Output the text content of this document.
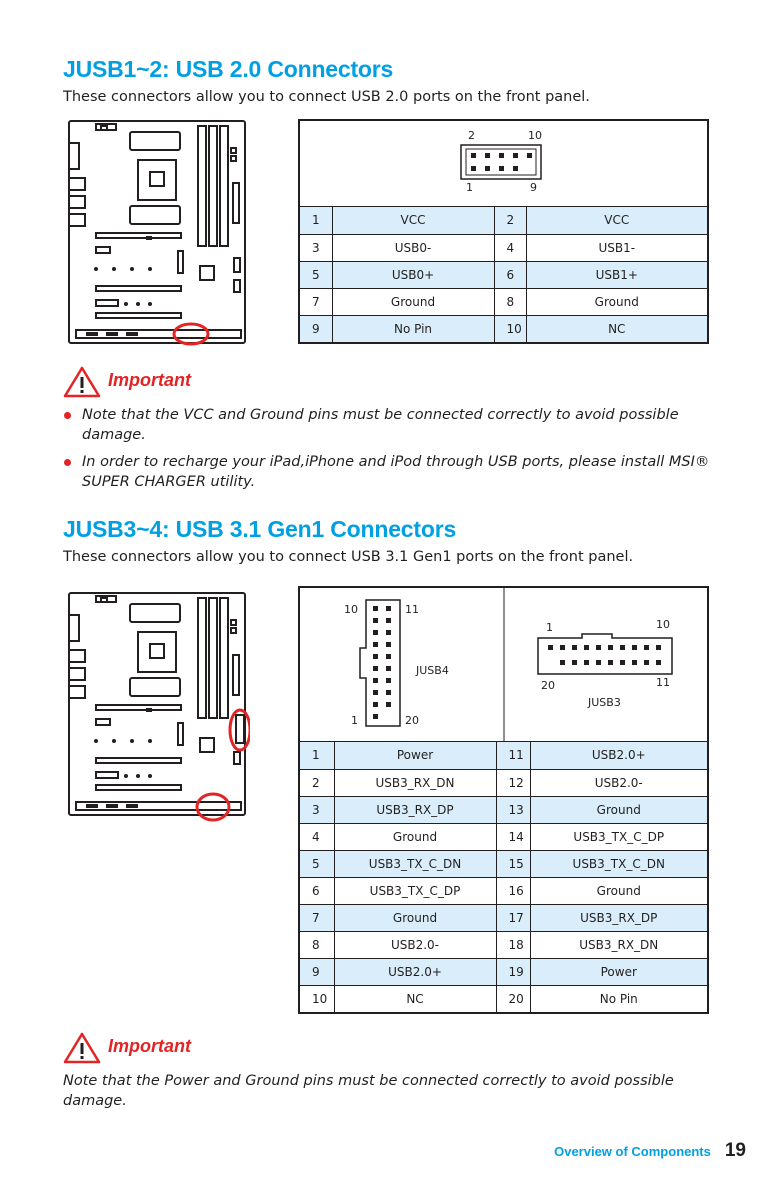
JUSB1~2: USB 2.0 Connectors
These connectors allow you to connect USB 2.0 ports on the front panel.
2	10
1	9
1	VCC	2	VCC
3	USB0-	4	USB1-
5	USB0+	6	USB1+
7	Ground	8	Ground
9	No Pin	10	NC
Important
Note that the VCC and Ground pins must be connected correctly to avoid possible damage.
In order to recharge your iPad,iPhone and iPod through USB ports, please install MSI® SUPER CHARGER utility.
JUSB3~4: USB 3.1 Gen1 Connectors
These connectors allow you to connect USB 3.1 Gen1 ports on the front panel.
10	11
1	20
JUSB4
1	10
20	11
JUSB3
1	Power	11	USB2.0+
2	USB3_RX_DN	12	USB2.0-
3	USB3_RX_DP	13	Ground
4	Ground	14	USB3_TX_C_DP
5	USB3_TX_C_DN	15	USB3_TX_C_DN
6	USB3_TX_C_DP	16	Ground
7	Ground	17	USB3_RX_DP
8	USB2.0-	18	USB3_RX_DN
9	USB2.0+	19	Power
10	NC	20	No Pin
Important
Note that the Power and Ground pins must be connected correctly to avoid possible damage.
Overview of Components 19
